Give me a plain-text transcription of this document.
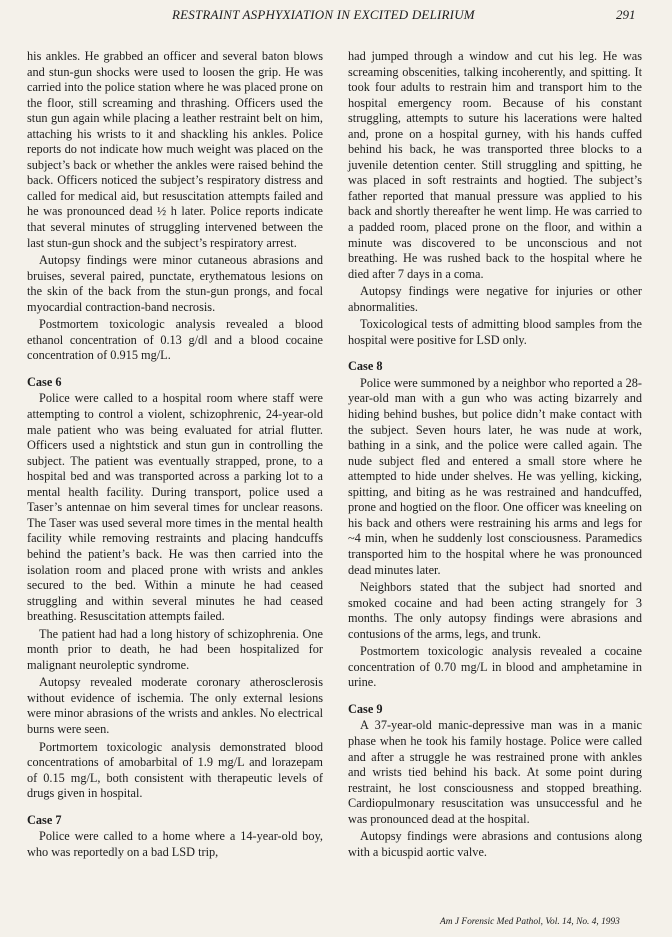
RESTRAINT ASPHYXIATION IN EXCITED DELIRIUM	291

his ankles. He grabbed an officer and several baton blows and stun-gun shocks were used to loosen the grip. He was carried into the police station where he was placed prone on the floor, still screaming and thrashing. Officers used the stun gun again while placing a leather restraint belt on him, attaching his wrists to it and shackling his ankles. Police reports do not indicate how much weight was placed on the subject’s back or whether the ankles were raised behind the back. Officers noticed the subject’s respiratory distress and called for medical aid, but resuscitation attempts failed and he was pronounced dead ½ h later. Police reports indicate that several minutes of struggling intervened between the last stun-gun shock and the subject’s respiratory arrest.

Autopsy findings were minor cutaneous abrasions and bruises, several paired, punctate, erythematous lesions on the skin of the back from the stun-gun prongs, and focal myocardial contraction-band necrosis.

Postmortem toxicologic analysis revealed a blood ethanol concentration of 0.13 g/dl and a blood cocaine concentration of 0.915 mg/L.

Case 6

Police were called to a hospital room where staff were attempting to control a violent, schizophrenic, 24-year-old male patient who was being evaluated for atrial flutter. Officers used a nightstick and stun gun in controlling the subject. The patient was eventually strapped, prone, to a hospital bed and was transported across a parking lot to a mental health facility. During transport, police used a Taser’s antennae on him several times for unclear reasons. The Taser was used several more times in the mental health facility while removing restraints and placing handcuffs behind the patient’s back. He was then carried into the isolation room and placed prone with wrists and ankles secured to the bed. Within a minute he had ceased struggling and within several minutes he had ceased breathing. Resuscitation attempts failed.

The patient had had a long history of schizophrenia. One month prior to death, he had been hospitalized for malignant neuroleptic syndrome.

Autopsy revealed moderate coronary atherosclerosis without evidence of ischemia. The only external lesions were minor abrasions of the wrists and ankles. No electrical burns were seen.

Portmortem toxicologic analysis demonstrated blood concentrations of amobarbital of 1.9 mg/L and lorazepam of 0.15 mg/L, both consistent with therapeutic levels of drugs given in hospital.

Case 7

Police were called to a home where a 14-year-old boy, who was reportedly on a bad LSD trip,

had jumped through a window and cut his leg. He was screaming obscenities, talking incoherently, and spitting. It took four adults to restrain him and transport him to the hospital emergency room. Because of his constant struggling, attempts to suture his lacerations were halted and, prone on a hospital gurney, with his hands cuffed behind his back, he was transported three blocks to a juvenile detention center. Still struggling and spitting, he was placed in soft restraints and hogtied. The subject’s father reported that manual pressure was applied to his back and shortly thereafter he went limp. He was carried to a padded room, placed prone on the floor, and within a minute was discovered to be unconscious and not breathing. He was rushed back to the hospital where he died after 7 days in a coma.

Autopsy findings were negative for injuries or other abnormalities.

Toxicological tests of admitting blood samples from the hospital were positive for LSD only.

Case 8

Police were summoned by a neighbor who reported a 28-year-old man with a gun who was acting bizarrely and hiding behind bushes, but police didn’t make contact with the subject. Seven hours later, he was nude at work, bathing in a sink, and the police were called again. The nude subject fled and entered a small store where he attempted to hide under shelves. He was yelling, kicking, spitting, and biting as he was restrained and handcuffed, prone and hogtied on the floor. One officer was kneeling on his back and others were restraining his arms and legs for ~4 min, when he suddenly lost consciousness. Paramedics transported him to the hospital where he was pronounced dead minutes later.

Neighbors stated that the subject had snorted and smoked cocaine and had been acting strangely for 3 months. The only autopsy findings were abrasions and contusions of the arms, legs, and trunk.

Postmortem toxicologic analysis revealed a cocaine concentration of 0.70 mg/L in blood and amphetamine in urine.

Case 9

A 37-year-old manic-depressive man was in a manic phase when he took his family hostage. Police were called and after a struggle he was restrained prone with ankles and wrists tied behind his back. At some point during restraint, he lost consciousness and stopped breathing. Cardiopulmonary resuscitation was unsuccessful and he was pronounced dead at the hospital.

Autopsy findings were abrasions and contusions along with a bicuspid aortic valve.

Am J Forensic Med Pathol, Vol. 14, No. 4, 1993
